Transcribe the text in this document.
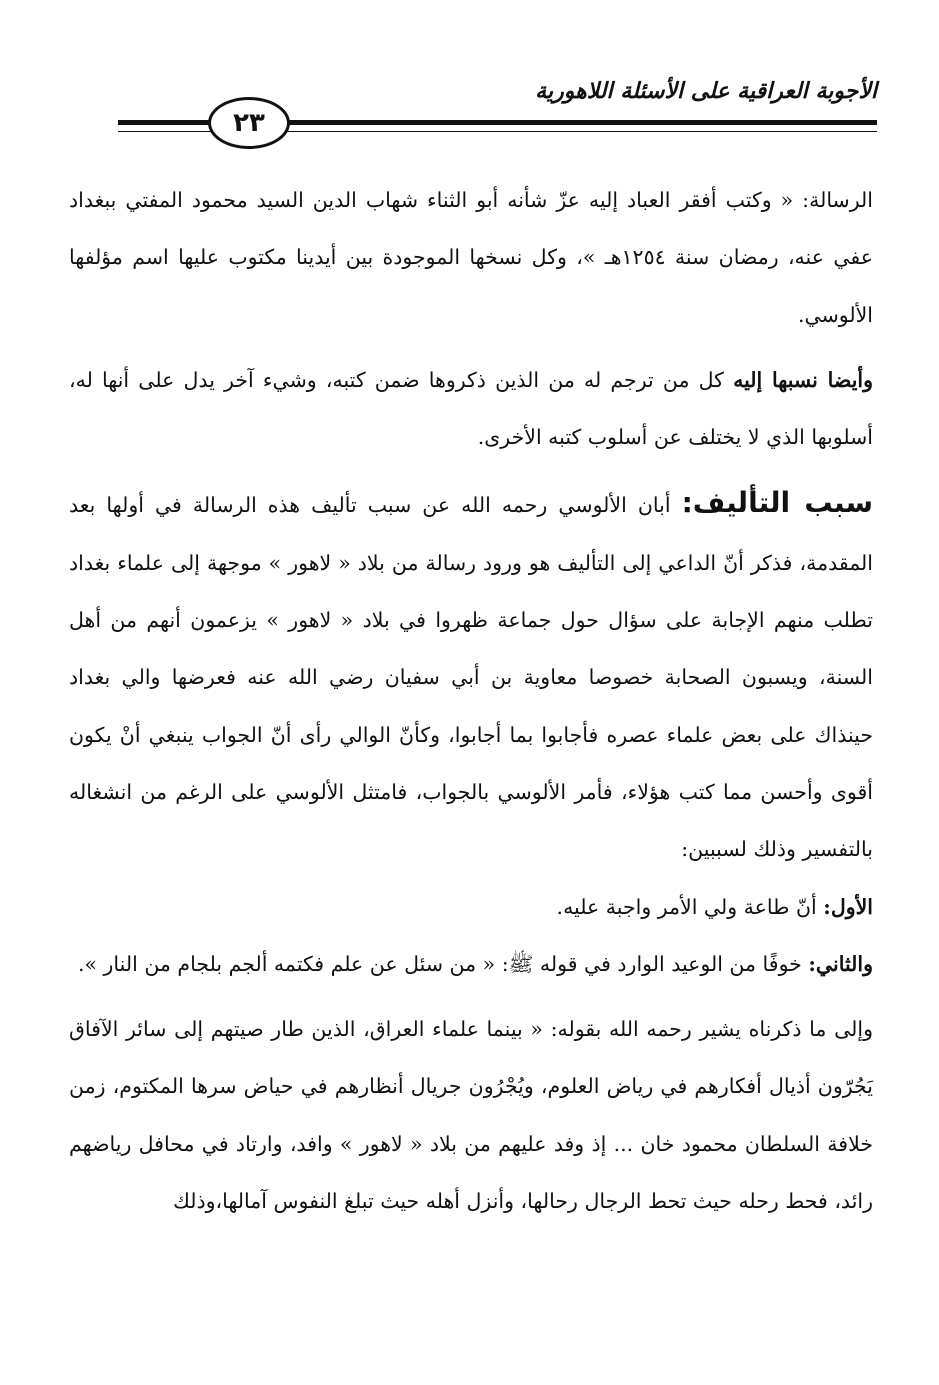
الأجوبة العراقية على الأسئلة اللاهورية
٢٣

الرسالة: « وكتب أفقر العباد إليه عزّ شأنه أبو الثناء شهاب الدين السيد محمود المفتي ببغداد عفي عنه، رمضان سنة ١٢٥٤هـ »، وكل نسخها الموجودة بين أيدينا مكتوب عليها اسم مؤلفها الألوسي.

وأيضا نسبها إليه كل من ترجم له من الذين ذكروها ضمن كتبه، وشيء آخر يدل على أنها له، أسلوبها الذي لا يختلف عن أسلوب كتبه الأخرى.

سبب التأليف: أبان الألوسي رحمه الله عن سبب تأليف هذه الرسالة في أولها بعد المقدمة، فذكر أنّ الداعي إلى التأليف هو ورود رسالة من بلاد « لاهور » موجهة إلى علماء بغداد تطلب منهم الإجابة على سؤال حول جماعة ظهروا في بلاد « لاهور » يزعمون أنهم من أهل السنة، ويسبون الصحابة خصوصا معاوية بن أبي سفيان رضي الله عنه فعرضها والي بغداد حينذاك على بعض علماء عصره فأجابوا بما أجابوا، وكأنّ الوالي رأى أنّ الجواب ينبغي أنْ يكون أقوى وأحسن مما كتب هؤلاء، فأمر الألوسي بالجواب، فامتثل الألوسي على الرغم من انشغاله بالتفسير وذلك لسببين:

الأول: أنّ طاعة ولي الأمر واجبة عليه.

والثاني: خوفًا من الوعيد الوارد في قوله ﷺ: « من سئل عن علم فكتمه ألجم بلجام من النار ».

وإلى ما ذكرناه يشير رحمه الله بقوله: « بينما علماء العراق، الذين طار صيتهم إلى سائر الآفاق يَجُرّون أذيال أفكارهم في رياض العلوم، ويُجْرُون جريال أنظارهم في حياض سرها المكتوم، زمن خلافة السلطان محمود خان ... إذ وفد عليهم من بلاد « لاهور » وافد، وارتاد في محافل رياضهم رائد، فحط رحله حيث تحط الرجال رحالها، وأنزل أهله حيث تبلغ النفوس آمالها،وذلك
